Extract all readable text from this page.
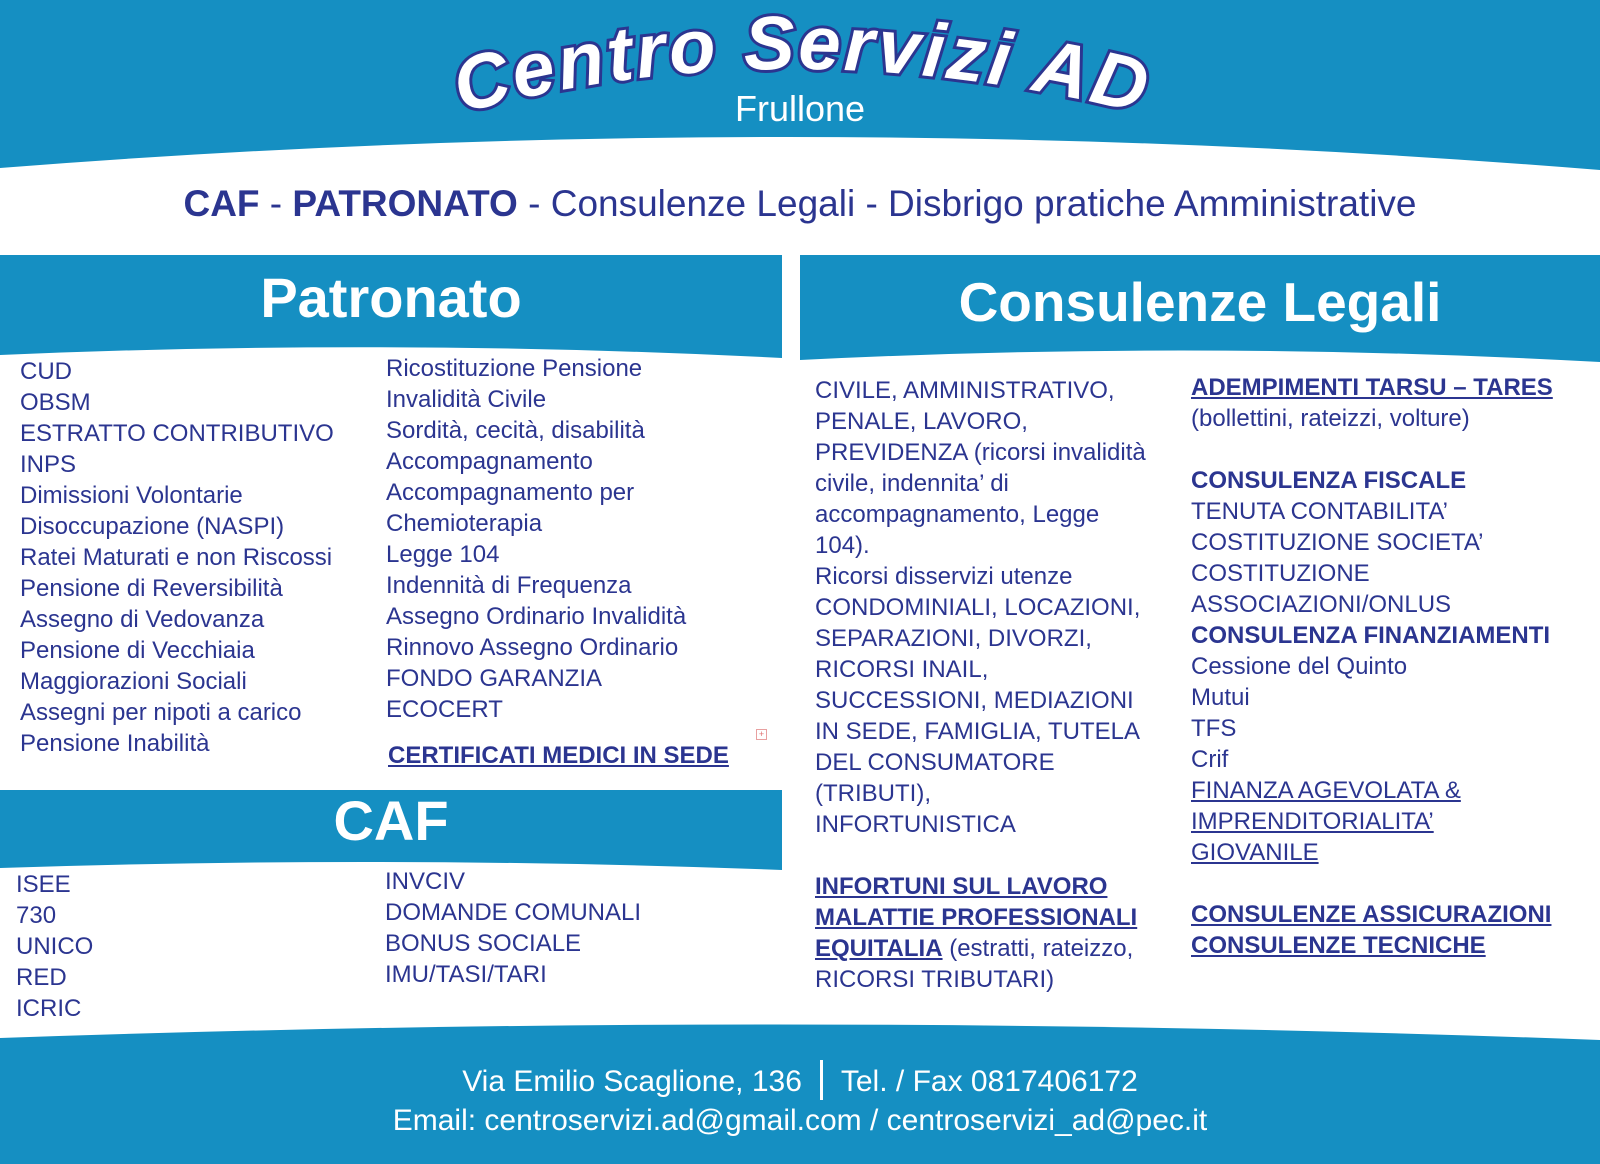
Centro Servizi AD
Frullone
CAF - PATRONATO - Consulenze Legali - Disbrigo pratiche Amministrative
Patronato
CUD
OBSM
ESTRATTO CONTRIBUTIVO
INPS
Dimissioni Volontarie
Disoccupazione (NASPI)
Ratei Maturati e non Riscossi
Pensione di Reversibilità
Assegno di Vedovanza
Pensione di Vecchiaia
Maggiorazioni Sociali
Assegni per nipoti a carico
Pensione Inabilità
Ricostituzione Pensione
Invalidità Civile
Sordità, cecità, disabilità
Accompagnamento
Accompagnamento per
Chemioterapia
Legge 104
Indennità di Frequenza
Assegno Ordinario Invalidità
Rinnovo Assegno Ordinario
FONDO GARANZIA
ECOCERT
CERTIFICATI MEDICI IN SEDE
+
CAF
ISEE
730
UNICO
RED
ICRIC
INVCIV
DOMANDE COMUNALI
BONUS SOCIALE
IMU/TASI/TARI
Consulenze Legali
CIVILE, AMMINISTRATIVO,
PENALE, LAVORO,
PREVIDENZA (ricorsi invalidità
civile, indennita’ di
accompagnamento, Legge
104).
Ricorsi disservizi utenze
CONDOMINIALI, LOCAZIONI,
SEPARAZIONI, DIVORZI,
RICORSI INAIL,
SUCCESSIONI, MEDIAZIONI
IN SEDE, FAMIGLIA, TUTELA
DEL CONSUMATORE
(TRIBUTI),
INFORTUNISTICA
INFORTUNI SUL LAVORO
MALATTIE PROFESSIONALI
EQUITALIA (estratti, rateizzo,
RICORSI TRIBUTARI)
ADEMPIMENTI TARSU – TARES
(bollettini, rateizzi, volture)
CONSULENZA FISCALE
TENUTA CONTABILITA’
COSTITUZIONE SOCIETA’
COSTITUZIONE
ASSOCIAZIONI/ONLUS
CONSULENZA FINANZIAMENTI
Cessione del Quinto
Mutui
TFS
Crif
FINANZA AGEVOLATA &
IMPRENDITORIALITA’
GIOVANILE
CONSULENZE ASSICURAZIONI
CONSULENZE TECNICHE
Via Emilio Scaglione, 136 Tel. / Fax 0817406172
Email: centroservizi.ad@gmail.com / centroservizi_ad@pec.it
